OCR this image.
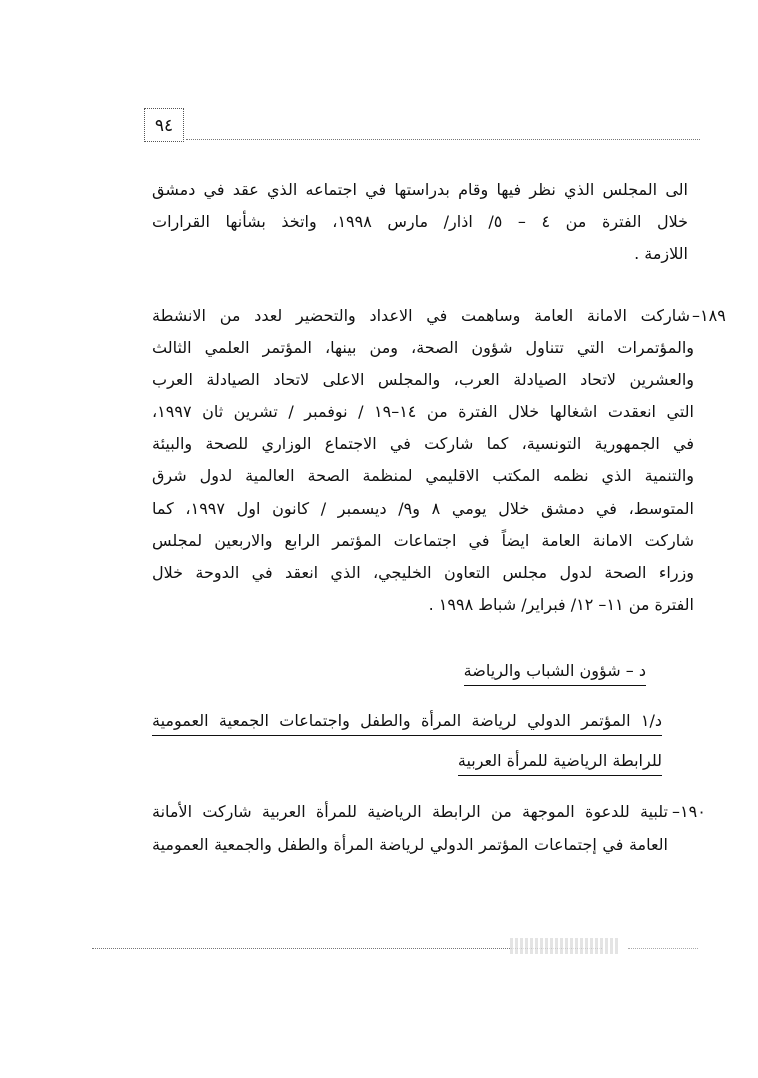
٩٤
الى المجلس الذي نظر فيها وقام بدراستها في اجتماعه الذي عقد في دمشق
خلال الفترة من ٤ – ٥/ اذار/ مارس ١٩٩٨، واتخذ بشأنها القرارات
اللازمة .
١٨٩–
شاركت الامانة العامة وساهمت في الاعداد والتحضير لعدد من الانشطة
والمؤتمرات التي تتناول شؤون الصحة، ومن بينها، المؤتمر العلمي الثالث
والعشرين لاتحاد الصيادلة العرب، والمجلس الاعلى لاتحاد الصيادلة العرب
التي انعقدت اشغالها خلال الفترة من ١٤–١٩ / نوفمبر / تشرين ثان ١٩٩٧،
في الجمهورية التونسية، كما شاركت في الاجتماع الوزاري للصحة والبيئة
والتنمية الذي نظمه المكتب الاقليمي لمنظمة الصحة العالمية لدول شرق
المتوسط، في دمشق خلال يومي ٨ و٩/ ديسمبر / كانون اول ١٩٩٧، كما
شاركت الامانة العامة ايضاً في اجتماعات المؤتمر الرابع والاربعين لمجلس
وزراء الصحة لدول مجلس التعاون الخليجي، الذي انعقد في الدوحة خلال
الفترة من ١١– ١٢/ فبراير/ شباط ١٩٩٨ .
د – شؤون الشباب والرياضة
د/١ المؤتمر الدولي لرياضة المرأة والطفل واجتماعات الجمعية العمومية
للرابطة الرياضية للمرأة العربية
١٩٠–
تلبية للدعوة الموجهة من الرابطة الرياضية للمرأة العربية شاركت الأمانة
العامة في إجتماعات المؤتمر الدولي لرياضة المرأة والطفل والجمعية العمومية
